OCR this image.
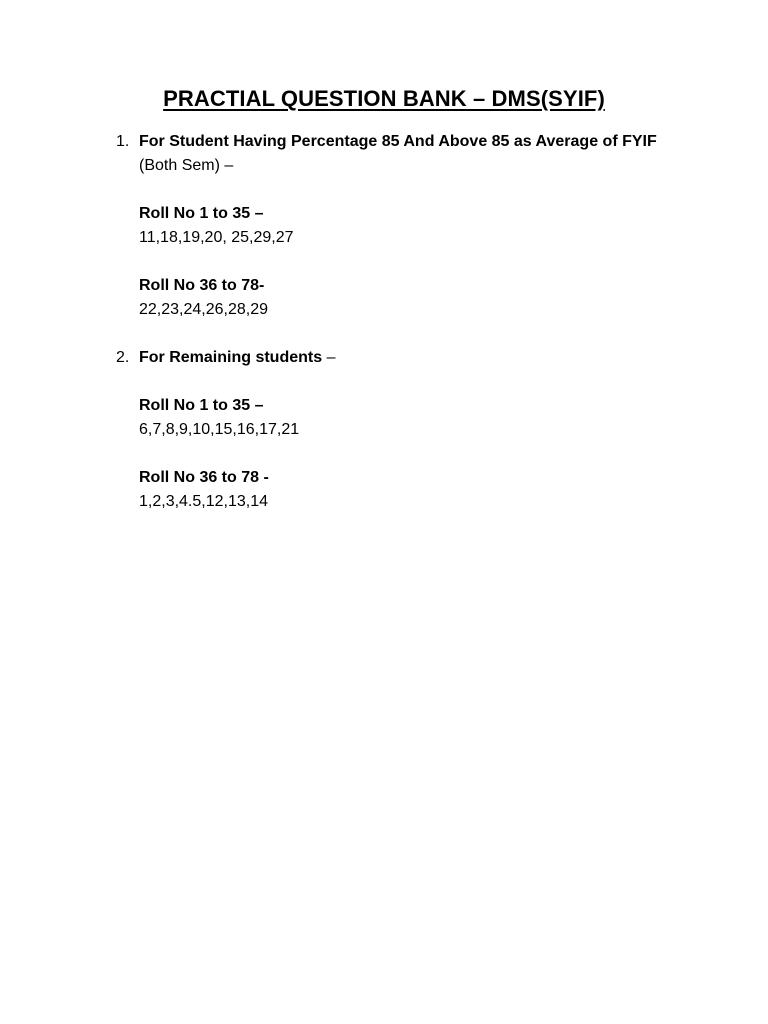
PRACTIAL QUESTION BANK – DMS(SYIF)
1. For Student Having Percentage 85 And Above 85 as Average of FYIF (Both Sem) –
Roll No 1 to 35 –
11,18,19,20, 25,29,27
Roll No 36 to 78-
22,23,24,26,28,29
2. For Remaining students –
Roll No 1 to 35 –
6,7,8,9,10,15,16,17,21
Roll No 36 to 78 -
1,2,3,4.5,12,13,14
